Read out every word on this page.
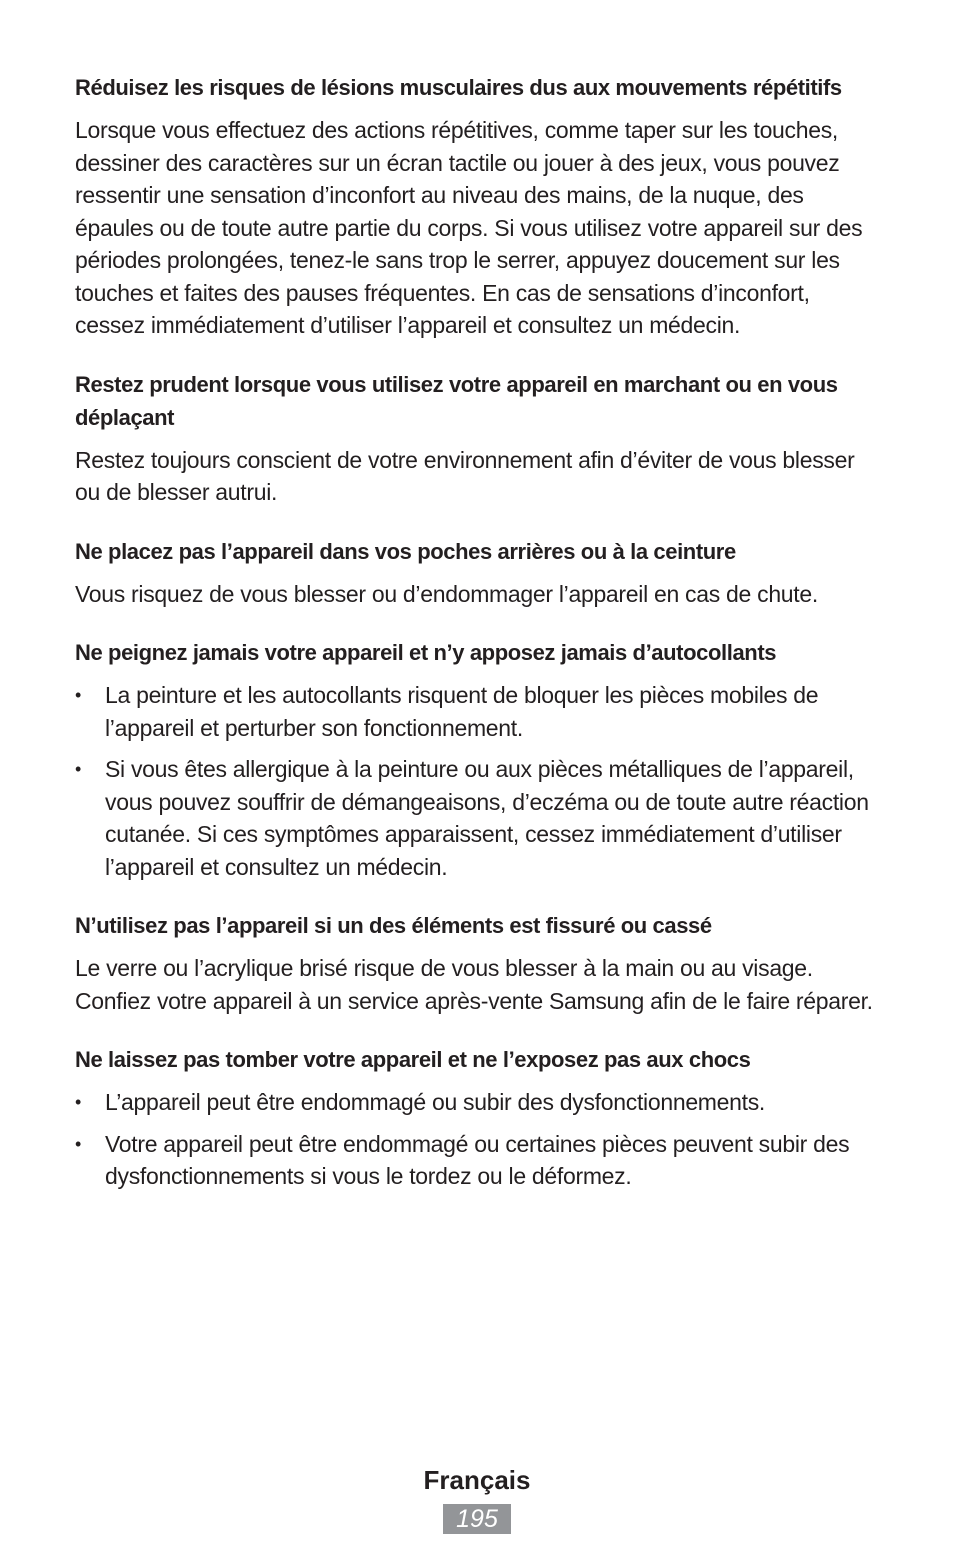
Réduisez les risques de lésions musculaires dus aux mouvements répétitifs

Lorsque vous effectuez des actions répétitives, comme taper sur les touches, dessiner des caractères sur un écran tactile ou jouer à des jeux, vous pouvez ressentir une sensation d’inconfort au niveau des mains, de la nuque, des épaules ou de toute autre partie du corps. Si vous utilisez votre appareil sur des périodes prolongées, tenez-le sans trop le serrer, appuyez doucement sur les touches et faites des pauses fréquentes. En cas de sensations d’inconfort, cessez immédiatement d’utiliser l’appareil et consultez un médecin.

Restez prudent lorsque vous utilisez votre appareil en marchant ou en vous déplaçant

Restez toujours conscient de votre environnement afin d’éviter de vous blesser ou de blesser autrui.

Ne placez pas l’appareil dans vos poches arrières ou à la ceinture

Vous risquez de vous blesser ou d’endommager l’appareil en cas de chute.

Ne peignez jamais votre appareil et n’y apposez jamais d’autocollants
•	La peinture et les autocollants risquent de bloquer les pièces mobiles de l’appareil et perturber son fonctionnement.
•	Si vous êtes allergique à la peinture ou aux pièces métalliques de l’appareil, vous pouvez souffrir de démangeaisons, d’eczéma ou de toute autre réaction cutanée. Si ces symptômes apparaissent, cessez immédiatement d’utiliser l’appareil et consultez un médecin.
N’utilisez pas l’appareil si un des éléments est fissuré ou cassé

Le verre ou l’acrylique brisé risque de vous blesser à la main ou au visage. Confiez votre appareil à un service après-vente Samsung afin de le faire réparer.

Ne laissez pas tomber votre appareil et ne l’exposez pas aux chocs
•	L’appareil peut être endommagé ou subir des dysfonctionnements.
•	Votre appareil peut être endommagé ou certaines pièces peuvent subir des dysfonctionnements si vous le tordez ou le déformez.
Français
195
